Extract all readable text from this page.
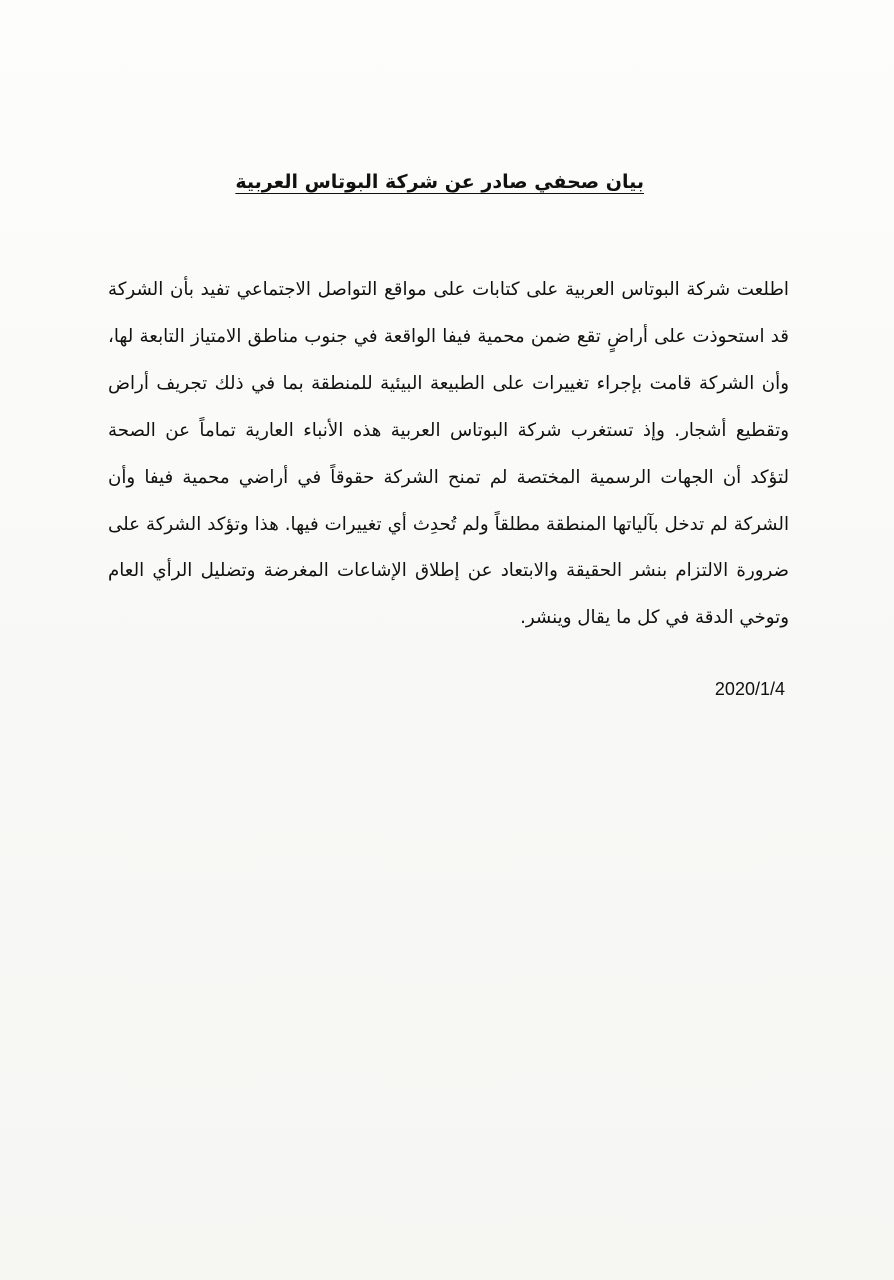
بيان صحفي صادر عن شركة البوتاس العربية

اطلعت شركة البوتاس العربية على كتابات على مواقع التواصل الاجتماعي تفيد بأن الشركة قد استحوذت على أراضٍ تقع ضمن محمية فيفا الواقعة في جنوب مناطق الامتياز التابعة لها، وأن الشركة قامت بإجراء تغييرات على الطبيعة البيئية للمنطقة بما في ذلك تجريف أراض وتقطيع أشجار. وإذ تستغرب شركة البوتاس العربية هذه الأنباء العارية تماماً عن الصحة لتؤكد أن الجهات الرسمية المختصة لم تمنح الشركة حقوقاً في أراضي محمية فيفا وأن الشركة لم تدخل بآلياتها المنطقة مطلقاً ولم تُحدِث أي تغييرات فيها. هذا وتؤكد الشركة على ضرورة الالتزام بنشر الحقيقة والابتعاد عن إطلاق الإشاعات المغرضة وتضليل الرأي العام وتوخي الدقة في كل ما يقال وينشر.

2020/1/4
